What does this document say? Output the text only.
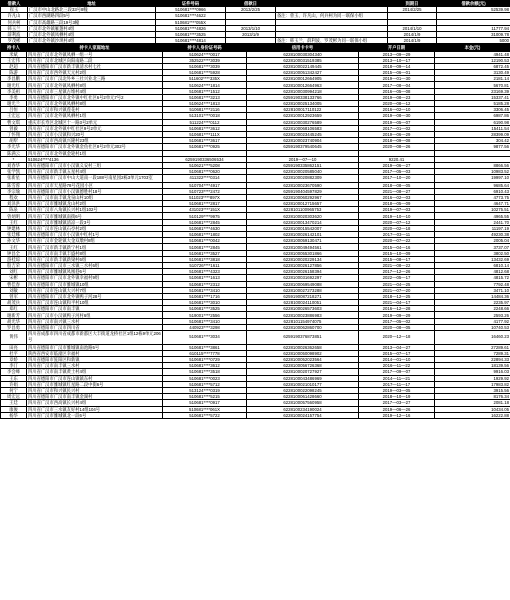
借款人	地址	证件号码	借款日		到期日	借款余额(元)
崔玉	广汉市中山北路北三段33号8幢	510681****0966	2013/2/25		2014/2/25	52539.98
许凡山	广汉市西湖路四段5号	510681****4622		备注：曾玉、许凡山，何兵柯为同一联保小组		
何兵柯	广汉市高雄路三段19号3幢	510681****055X				
韩玉兰	广汉市北外镇雁翅村4组	510681****4826	2013/1/10		2014/1/10	11777.94
薛利波	广汉市北外镇凤栖村4组	510681****3525	2013/1/9		2014/1/9	31009.78
罗茂彬	广汉市北外镇沙坝村4组	510681****4814		备注：韩玉兰、薛利波、罗茂彬为同一联保小组	2014/1/9	5000
持卡人	持卡人家庭地址	持卡人身份证号码	信用卡卡号	开户日期	本金(元)
米斌	四川省广汉市北外镇凤栖一组一号	510624****0017	6228100030304340	2013—09—29	4941.48
王宏伟	四川省广汉市北城区向阳南路二段	352522****3039	6228100031519385	2013—10—17	12190.53
赵超	四川省德阳市广汉市新丰镇清水村七社	510681****3039	6228100022149445	2018—09—14	6872.45
陈游	四川省广汉市西外镇天元村2组	510681****5928	6228100051342427	2015—06—01	3130.49
李昌鹏	四川省广汉市广汉北外乡三社兴业北三路	511602****335X	6228100012664905	2019—01—30	2181.14
谢光红	四川省广汉市北外镇凤栖村8组	510624****1814	6228100012664963	2017—08—04	5670.81
李美祖	四川省广汉市三星镇古堆村4组	510681****1512	6228100030994218	2016—05—08	23169.39
李勇	四川省德阳市广汉市北外镇中红社区6号2单元7号2	510681****3213	6259190338133766	2019—08—23	15337.41
谢光兰	四川省广汉市北外镇凤栖村8组	510624****1813	6228100025134005	2020—08—12	5185.28
吕恒	四川省广汉市和兴镇莲花村	510681****2116	6228100017110122	2016—02—10	3306.45
王宏远	四川省广汉市北外镇凤栖村1组	513101****0018	6228100012923659	2019—08—30	6987.86
曹文琪	重庆市长寿区北城区十一路3号2单元	511224****0112	6228100030276589	2019—05—07	6190.98
曾毅	四川省广汉市北外镇中红社区9号2单元	510681****3612	6228100068106583	2017—01—02	15411.54
丁怀翔	四川省广汉市小汉镇和兴20号	510681****111X	6228100023445245	2019—06—29	28399.09
胡犁	四川省广汉市西高镇兴隆村23组	510681****3617	6228100023740904	2018—09—08	304.42
李光华	四川省德阳市广汉市北外镇金鱼社区8号2单元302号	510681****0925	6259190379540645	2020—08—26	9877.56
陈满云	四川省广汉市北外镇金轮村1组				
*	510624****4136	6259190336506534	2019—07—10	9220.41	
刘春华	四川省德阳市广汉市小汉镇义安村三组	510621****5208	6259190335862151	2019—06—27	8866.56
张学凯	四川省广汉市新丰镇五星村4组	510681****0620	6228100020585040	2017—05—03	10983.52
张新星	四川省德阳市广汉市中山大道南一段188号南星园2栋3单元1703室	411322****0314	6228100020882309	2017—10—20	19997.10
陈雪蓉	四川省广汉市天星路78号花园小区	510704****4917	6228100023670590	2018—08—05	9685.64
李宗瑜	四川省德阳市广汉市小汉镇德胜村18号	510723****2472	6259190404597829	2021—08—27	6910.43
程欢	四川省广汉市南丰镇龙泉山村10组	511023****897X	6228100060292967	2016—02—03	4773.75
刘泽洪	四川省广汉市雒城镇龙山村2组	510681****2817	6228100012715657	2018—05—09	4647.71
陈泉	四川省广汉市八角镇长兴村1组102号	431023****151X	6228101100965753	2019—07—03	10275.51
曾炳明	四川省广汉市雒城镇南街6号	510129****9975	6228100020303620	2019—10—10	4965.55
王红	四川省广汉市雒城镇清凉一段3号	510681****2845	6228100013470214	2020—07—12	2441.70
钟建林	四川省广汉市连山镇石亭村2组	510681****4630	6228100015542007	2020—02—18	11197.19
张廷娜	四川省德阳市广汉市小汉镇中红村1号	510681****1802	6228100026142101	2017—03—11	49230.38
孙文华	四川省广汉市金轮镇大金双墩村8组	510681****0042	6228100059130471	2020—07—22	2005.04
王红	四川省广汉市新丰镇新宁村1组	510681****2845	6228100049494561	2015—04—16	3737.07
钟昌全	四川省广汉市南丰镇丰盛村8组	510681****3527	6228100055301866	2015—10—09	3802.50
游桂琼	四川省广汉市新丰镇新梁村6组	510681****3818	6228100020229134	2015—08—17	13432.69
殷吉荣	四川省德阳市广汉市三水镇三水村6组	510726****1611	6228100026127856	2021—08—22	6810.14
刘红	四川省广汉市雒城镇凤凰巷6号	510681****4323	6228100026158394	2017—12—26	4812.68
宋彬	四川省德阳市广汉市北外镇幸福村9组	510681****1613	6228100031692297	2022—05—17	4815.72
曹佳春	四川省德阳市广汉市雒城镇10组	510681****2312	6228100069549088	2021—04—25	7792.48
刘敏	四川省广汉市连山镇大兴村7组	510681****3410	6228100027273288	2021—07—20	3471.10
曾军	四川省德阳市广汉市北外镇鸭子河28号	510681****1716	6259190087218271	2018—12—25	14484.36
胡茂兵	四川省广汉市连山镇和平村10组	510681****3010	6228100024110051	2021—04—17	2235.97
郑红	四川省德阳市广汉市南丰镇	510681****3525	6228100026573603	2016—12—28	2248.66
谢新芳	四川省广汉市小汉镇鸭子河村6组	519001****2556	6228100023886983	2019—09—29	2593.26
胡光华	四川省广汉市南兴镇三水村	510681****3410	6228101154974075	2017—05—02	4177.92
罗昌勇	四川省德阳市广汉市四川省	440923****3298	6228100062860700	2020—08—05	10740.53
黄伟	四川省成都市四川省成都市新都区大丰街道龙桥社区1组12栋9单元206号	510681****3034	6259190376873851	2020—12—18	16460.23
田亮	四川省德阳市广汉市雒城镇南池路5号	510681****3861	6228100026362658	2013—04—27	27289.61
杜平	陕西省西安市临潼区幸福村	610115****7778	6228100050098902	2015—07—17	7289.31
章娇	四川省德阳市旌阳区和新镇	510681****0729	6228100052023564	2014—01—10	22894.33
李汀	四川省广汉市南丰镇三水村	510681****3612	6228100056726368	2016—11—22	18139.56
李会峰	四川省广汉市南丰镇黄土村4组	510681****3518	6228100020727927	2017—09—07	9916.03
王东	四川省德阳市广汉市连山镇镇东村	510681****0023	6228100043486969	2014—11—21	1929.92
许娟	四川省广汉市雒城镇红星路二段中街6号	510681****5712	6228100021010177	2017—11—17	17983.82
何宁	四川省广汉市和兴镇民兴村	513124****0319	6228100022098245	2019—03—05	3915.56
周宏远	四川省德阳市广汉市南丰镇金湖村	510681****5215	6228100061428660	2018—10—19	8176.34
王廷	四川省广汉市西高镇长兴村4组	510681****0917	6228100057560958	2017—03—27	2081.18
康俊	四川省广汉市三水镇友好村14组104号	510681****061X	6228100234190024	2019—06—26	10434.05
杨华	四川省广汉市雒城镇北一段6号	510681****5722	6228100024157754	2019—12—16	16222.88
